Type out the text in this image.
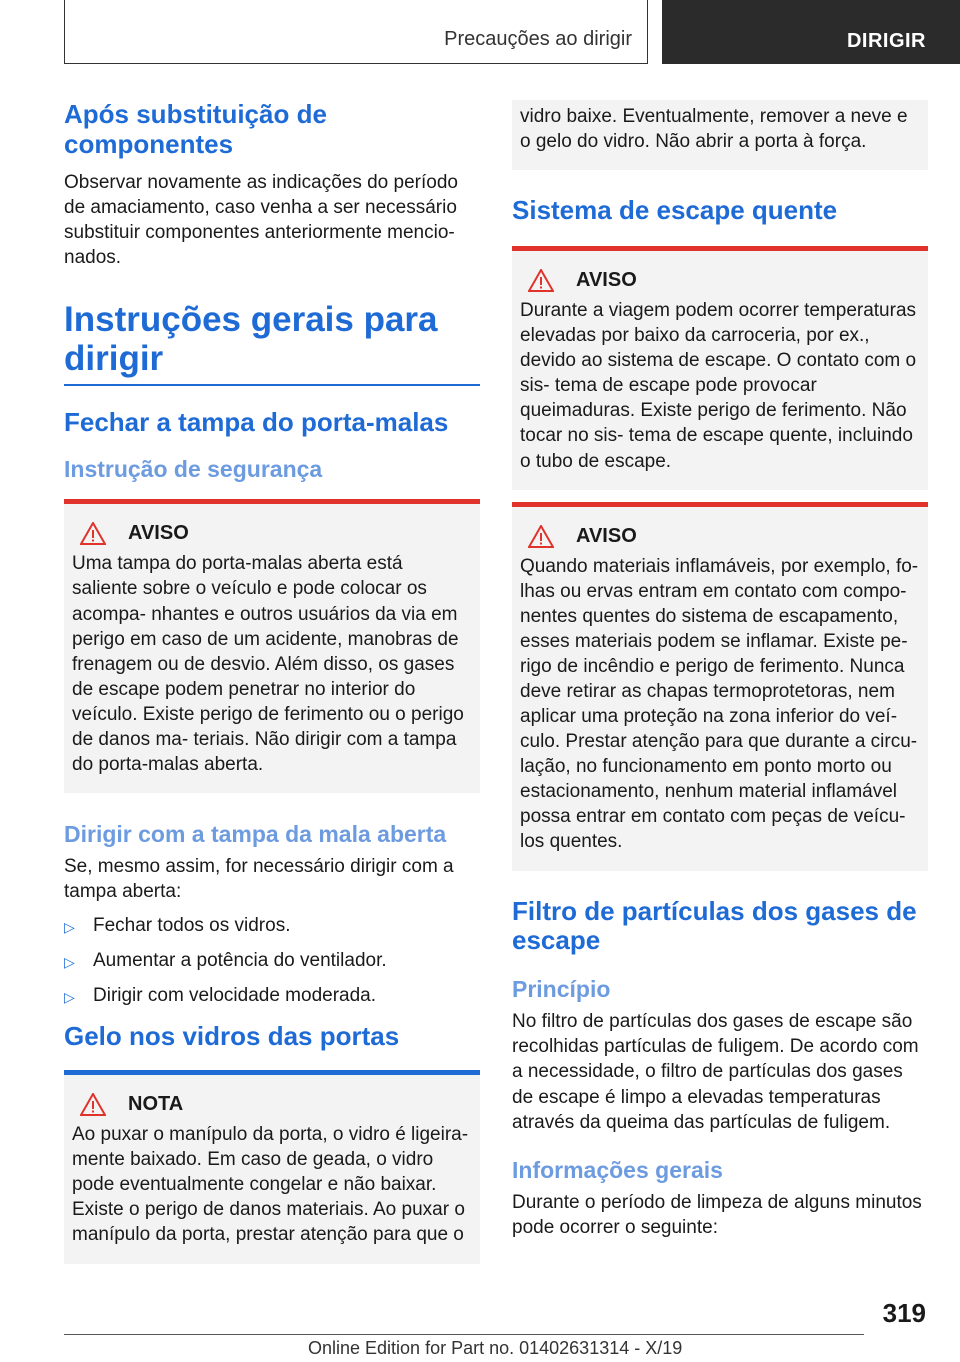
Precauções ao dirigir	DIRIGIR
Após substituição de componentes

Observar novamente as indicações do período de amaciamento, caso venha a ser necessário substituir componentes anteriormente mencio- nados.

Instruções gerais para dirigir
Fechar a tampa do porta-malas
Instrução de segurança
AVISO

Uma tampa do porta-malas aberta está saliente sobre o veículo e pode colocar os acompa- nhantes e outros usuários da via em perigo em caso de um acidente, manobras de frenagem ou de desvio. Além disso, os gases de escape podem penetrar no interior do veículo. Existe perigo de ferimento ou o perigo de danos ma- teriais. Não dirigir com a tampa do porta-malas aberta.

Dirigir com a tampa da mala aberta

Se, mesmo assim, for necessário dirigir com a tampa aberta:

▷ Fechar todos os vidros.
▷ Aumentar a potência do ventilador.
▷ Dirigir com velocidade moderada.
Gelo nos vidros das portas
NOTA

Ao puxar o manípulo da porta, o vidro é ligeira- mente baixado. Em caso de geada, o vidro pode eventualmente congelar e não baixar. Existe o perigo de danos materiais. Ao puxar o manípulo da porta, prestar atenção para que o

vidro baixe. Eventualmente, remover a neve e o gelo do vidro. Não abrir a porta à força.

Sistema de escape quente
AVISO

Durante a viagem podem ocorrer temperaturas elevadas por baixo da carroceria, por ex., devido ao sistema de escape. O contato com o sis- tema de escape pode provocar queimaduras. Existe perigo de ferimento. Não tocar no sis- tema de escape quente, incluindo o tubo de escape.

AVISO

Quando materiais inflamáveis, por exemplo, fo- lhas ou ervas entram em contato com compo- nentes quentes do sistema de escapamento, esses materiais podem se inflamar. Existe pe- rigo de incêndio e perigo de ferimento. Nunca deve retirar as chapas termoprotetoras, nem aplicar uma proteção na zona inferior do veí- culo. Prestar atenção para que durante a circu- lação, no funcionamento em ponto morto ou estacionamento, nenhum material inflamável possa entrar em contato com peças de veícu- los quentes.

Filtro de partículas dos gases de escape
Princípio

No filtro de partículas dos gases de escape são recolhidas partículas de fuligem. De acordo com a necessidade, o filtro de partículas dos gases de escape é limpo a elevadas temperaturas através da queima das partículas de fuligem.

Informações gerais

Durante o período de limpeza de alguns minutos pode ocorrer o seguinte:

319
Online Edition for Part no. 01402631314 - X/19
